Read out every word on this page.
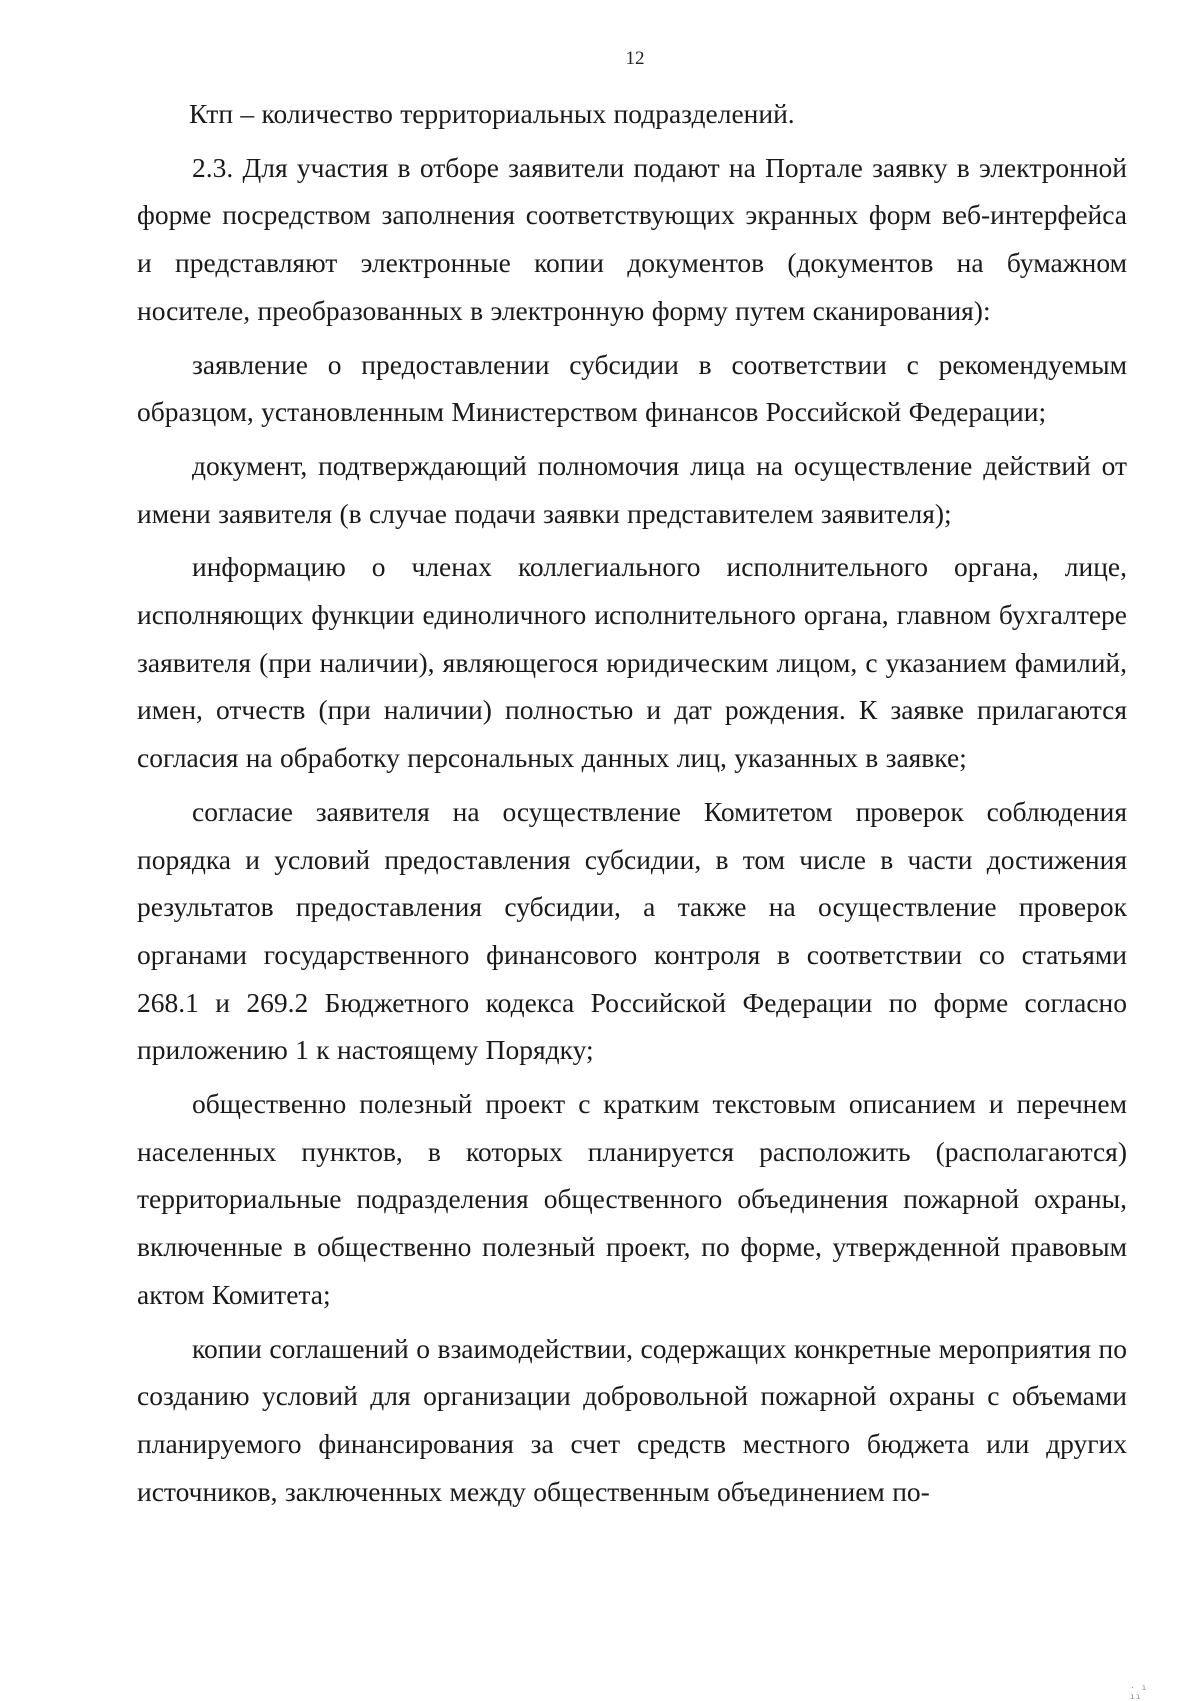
12

Ктп – количество территориальных подразделений.

2.3. Для участия в отборе заявители подают на Портале заявку в электронной форме посредством заполнения соответствующих экранных форм веб-интерфейса и представляют электронные копии документов (документов на бумажном носителе, преобразованных в электронную форму путем сканирования):

заявление о предоставлении субсидии в соответствии с рекомендуемым образцом, установленным Министерством финансов Российской Федерации;

документ, подтверждающий полномочия лица на осуществление действий от имени заявителя (в случае подачи заявки представителем заявителя);

информацию о членах коллегиального исполнительного органа, лице, исполняющих функции единоличного исполнительного органа, главном бухгалтере заявителя (при наличии), являющегося юридическим лицом, с указанием фамилий, имен, отчеств (при наличии) полностью и дат рождения. К заявке прилагаются согласия на обработку персональных данных лиц, указанных в заявке;

согласие заявителя на осуществление Комитетом проверок соблюдения порядка и условий предоставления субсидии, в том числе в части достижения результатов предоставления субсидии, а также на осуществление проверок органами государственного финансового контроля в соответствии со статьями 268.1 и 269.2 Бюджетного кодекса Российской Федерации по форме согласно приложению 1 к настоящему Порядку;

общественно полезный проект с кратким текстовым описанием и перечнем населенных пунктов, в которых планируется расположить (располагаются) территориальные подразделения общественного объединения пожарной охраны, включенные в общественно полезный проект, по форме, утвержденной правовым актом Комитета;

копии соглашений о взаимодействии, содержащих конкретные мероприятия по созданию условий для организации добровольной пожарной охраны с объемами планируемого финансирования за счет средств местного бюджета или других источников, заключенных между общественным объединением по-

· ı ıı
